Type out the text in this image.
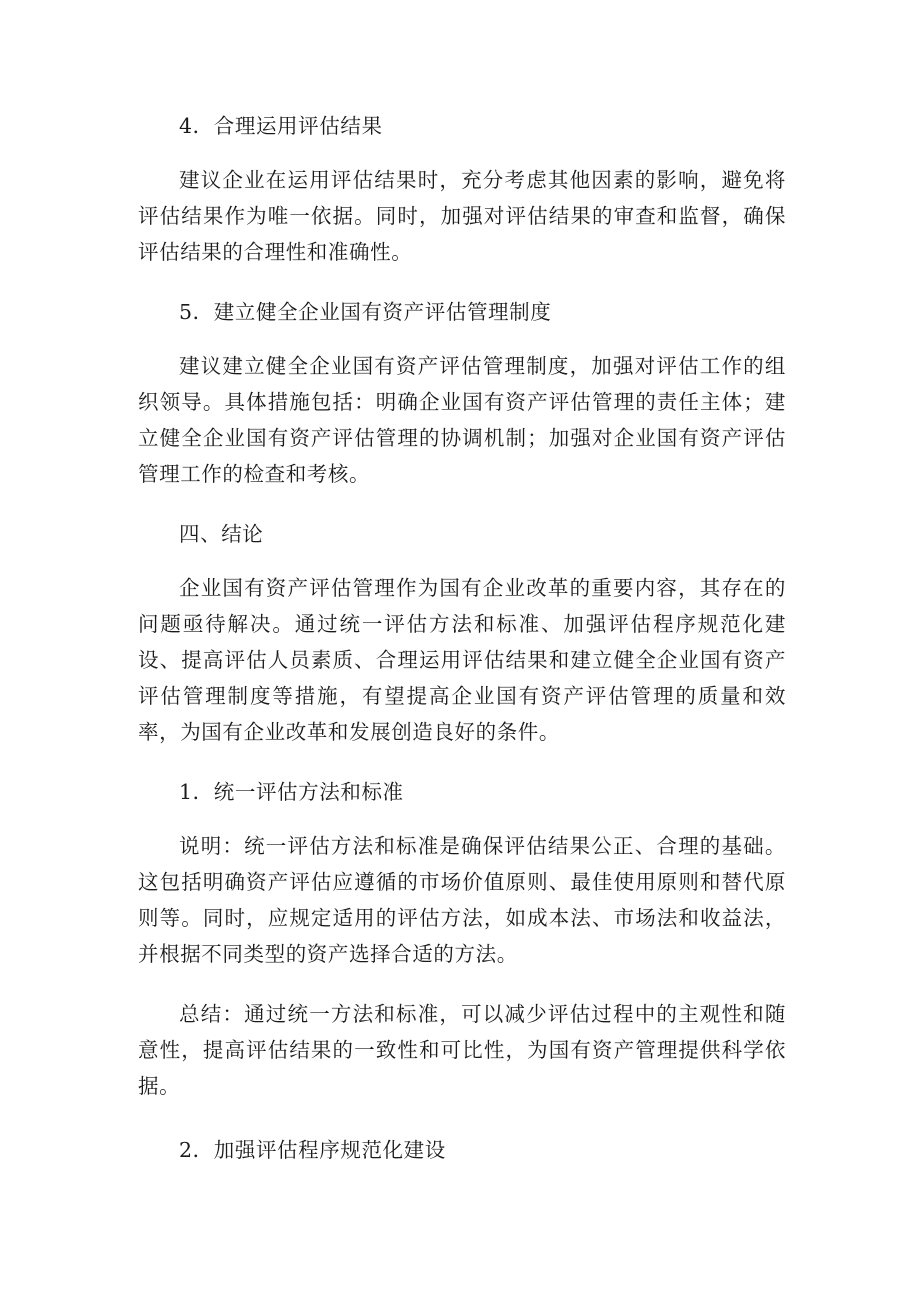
4．合理运用评估结果

建议企业在运用评估结果时，充分考虑其他因素的影响，避免将评估结果作为唯一依据。同时，加强对评估结果的审查和监督，确保评估结果的合理性和准确性。

5．建立健全企业国有资产评估管理制度

建议建立健全企业国有资产评估管理制度，加强对评估工作的组织领导。具体措施包括：明确企业国有资产评估管理的责任主体；建立健全企业国有资产评估管理的协调机制；加强对企业国有资产评估管理工作的检查和考核。

四、结论

企业国有资产评估管理作为国有企业改革的重要内容，其存在的问题亟待解决。通过统一评估方法和标准、加强评估程序规范化建设、提高评估人员素质、合理运用评估结果和建立健全企业国有资产评估管理制度等措施，有望提高企业国有资产评估管理的质量和效率，为国有企业改革和发展创造良好的条件。

1．统一评估方法和标准

说明：统一评估方法和标准是确保评估结果公正、合理的基础。这包括明确资产评估应遵循的市场价值原则、最佳使用原则和替代原则等。同时，应规定适用的评估方法，如成本法、市场法和收益法，并根据不同类型的资产选择合适的方法。

总结：通过统一方法和标准，可以减少评估过程中的主观性和随意性，提高评估结果的一致性和可比性，为国有资产管理提供科学依据。

2．加强评估程序规范化建设
